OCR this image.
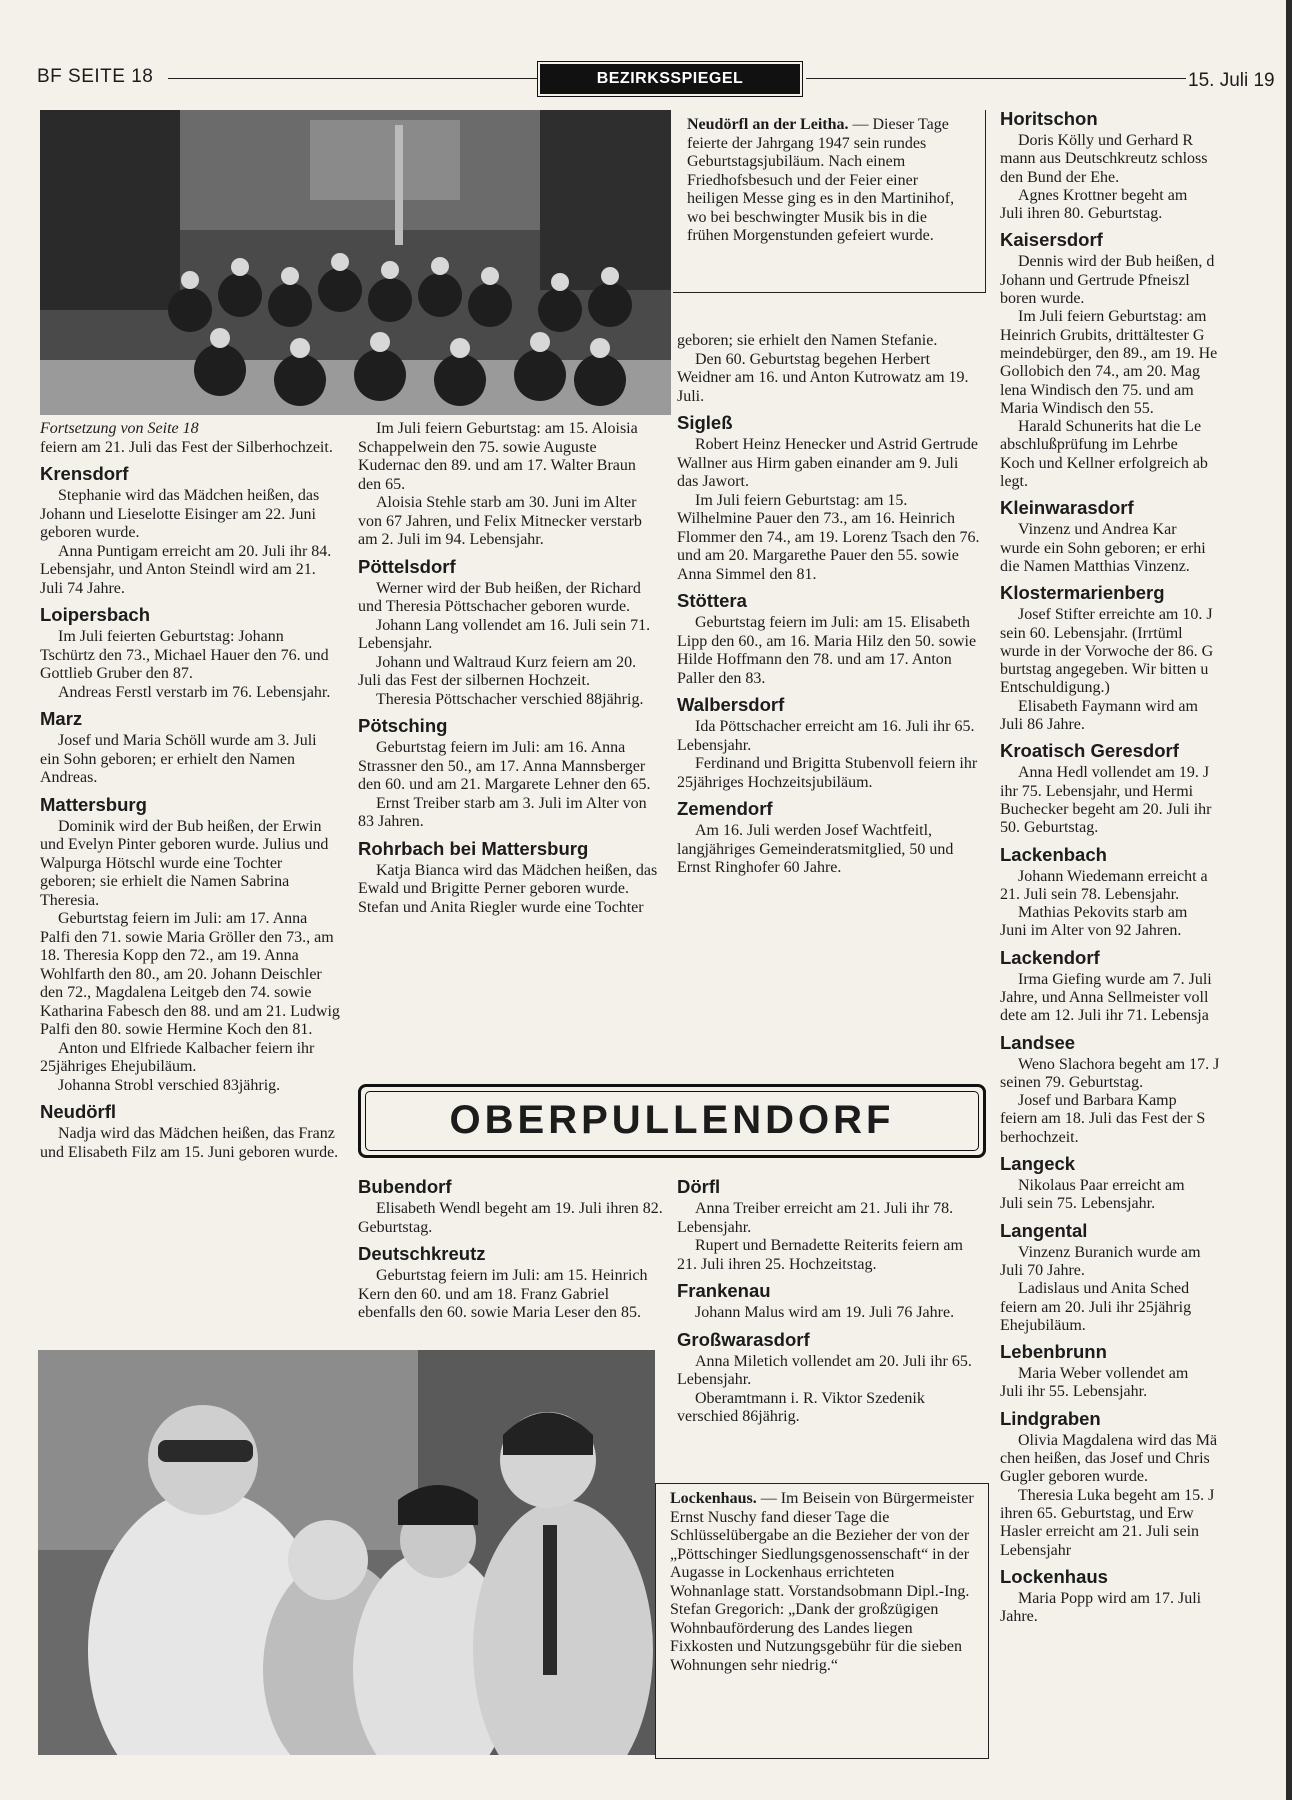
BF SEITE 18	BEZIRKSSPIEGEL	15. Juli 19

Neudörfl an der Leitha. — Dieser Tage feierte der Jahrgang 1947 sein rundes Geburtstagsjubiläum. Nach einem Friedhofsbesuch und der Feier einer heiligen Messe ging es in den Martinihof, wo bei beschwingter Musik bis in die frühen Morgenstunden gefeiert wurde.

Fortsetzung von Seite 18

feiern am 21. Juli das Fest der Silberhochzeit.

Krensdorf

Stephanie wird das Mädchen heißen, das Johann und Lieselotte Eisinger am 22. Juni geboren wurde.

Anna Puntigam erreicht am 20. Juli ihr 84. Lebensjahr, und Anton Steindl wird am 21. Juli 74 Jahre.

Loipersbach

Im Juli feierten Geburtstag: Johann Tschürtz den 73., Michael Hauer den 76. und Gottlieb Gruber den 87.

Andreas Ferstl verstarb im 76. Lebensjahr.

Marz

Josef und Maria Schöll wurde am 3. Juli ein Sohn geboren; er erhielt den Namen Andreas.

Mattersburg

Dominik wird der Bub heißen, der Erwin und Evelyn Pinter geboren wurde. Julius und Walpurga Hötschl wurde eine Tochter geboren; sie erhielt die Namen Sabrina Theresia.

Geburtstag feiern im Juli: am 17. Anna Palfi den 71. sowie Maria Gröller den 73., am 18. Theresia Kopp den 72., am 19. Anna Wohlfarth den 80., am 20. Johann Deischler den 72., Magdalena Leitgeb den 74. sowie Katharina Fabesch den 88. und am 21. Ludwig Palfi den 80. sowie Hermine Koch den 81.

Anton und Elfriede Kalbacher feiern ihr 25jähriges Ehejubiläum.

Johanna Strobl verschied 83jährig.

Neudörfl

Nadja wird das Mädchen heißen, das Franz und Elisabeth Filz am 15. Juni geboren wurde.

Im Juli feiern Geburtstag: am 15. Aloisia Schappelwein den 75. sowie Auguste Kudernac den 89. und am 17. Walter Braun den 65.

Aloisia Stehle starb am 30. Juni im Alter von 67 Jahren, und Felix Mitnecker verstarb am 2. Juli im 94. Lebensjahr.

Pöttelsdorf

Werner wird der Bub heißen, der Richard und Theresia Pöttschacher geboren wurde.

Johann Lang vollendet am 16. Juli sein 71. Lebensjahr.

Johann und Waltraud Kurz feiern am 20. Juli das Fest der silbernen Hochzeit.

Theresia Pöttschacher verschied 88jährig.

Pötsching

Geburtstag feiern im Juli: am 16. Anna Strassner den 50., am 17. Anna Mannsberger den 60. und am 21. Margarete Lehner den 65.

Ernst Treiber starb am 3. Juli im Alter von 83 Jahren.

Rohrbach bei Mattersburg

Katja Bianca wird das Mädchen heißen, das Ewald und Brigitte Perner geboren wurde. Stefan und Anita Riegler wurde eine Tochter

geboren; sie erhielt den Namen Stefanie.

Den 60. Geburtstag begehen Herbert Weidner am 16. und Anton Kutrowatz am 19. Juli.

Sigleß

Robert Heinz Henecker und Astrid Gertrude Wallner aus Hirm gaben einander am 9. Juli das Jawort.

Im Juli feiern Geburtstag: am 15. Wilhelmine Pauer den 73., am 16. Heinrich Flommer den 74., am 19. Lorenz Tsach den 76. und am 20. Margarethe Pauer den 55. sowie Anna Simmel den 81.

Stöttera

Geburtstag feiern im Juli: am 15. Elisabeth Lipp den 60., am 16. Maria Hilz den 50. sowie Hilde Hoffmann den 78. und am 17. Anton Paller den 83.

Walbersdorf

Ida Pöttschacher erreicht am 16. Juli ihr 65. Lebensjahr.

Ferdinand und Brigitta Stubenvoll feiern ihr 25jähriges Hochzeitsjubiläum.

Zemendorf

Am 16. Juli werden Josef Wachtfeitl, langjähriges Gemeinderatsmitglied, 50 und Ernst Ringhofer 60 Jahre.

OBERPULLENDORF
Bubendorf

Elisabeth Wendl begeht am 19. Juli ihren 82. Geburtstag.

Deutschkreutz

Geburtstag feiern im Juli: am 15. Heinrich Kern den 60. und am 18. Franz Gabriel ebenfalls den 60. sowie Maria Leser den 85.

Dörfl

Anna Treiber erreicht am 21. Juli ihr 78. Lebensjahr.

Rupert und Bernadette Reiterits feiern am 21. Juli ihren 25. Hochzeitstag.

Frankenau

Johann Malus wird am 19. Juli 76 Jahre.

Großwarasdorf

Anna Miletich vollendet am 20. Juli ihr 65. Lebensjahr.

Oberamtmann i. R. Viktor Szedenik verschied 86jährig.

Lockenhaus. — Im Beisein von Bürgermeister Ernst Nuschy fand dieser Tage die Schlüsselübergabe an die Bezieher der von der „Pöttschinger Siedlungsgenossenschaft“ in der Augasse in Lockenhaus errichteten Wohnanlage statt. Vorstandsobmann Dipl.-Ing. Stefan Gregorich: „Dank der großzügigen Wohnbauförderung des Landes liegen Fixkosten und Nutzungsgebühr für die sieben Wohnungen sehr niedrig.“

Horitschon

Doris Kölly und Gerhard R

mann aus Deutschkreutz schloss

den Bund der Ehe.

Agnes Krottner begeht am

Juli ihren 80. Geburtstag.

Kaisersdorf

Dennis wird der Bub heißen, d

Johann und Gertrude Pfneiszl

boren wurde.

Im Juli feiern Geburtstag: am

Heinrich Grubits, drittältester G

meindebürger, den 89., am 19. He

Gollobich den 74., am 20. Mag

lena Windisch den 75. und am

Maria Windisch den 55.

Harald Schunerits hat die Le

abschlußprüfung im Lehrbe

Koch und Kellner erfolgreich ab

legt.

Kleinwarasdorf

Vinzenz und Andrea Kar

wurde ein Sohn geboren; er erhi

die Namen Matthias Vinzenz.

Klostermarienberg

Josef Stifter erreichte am 10. J

sein 60. Lebensjahr. (Irrtüml

wurde in der Vorwoche der 86. G

burtstag angegeben. Wir bitten u

Entschuldigung.)

Elisabeth Faymann wird am

Juli 86 Jahre.

Kroatisch Geresdorf

Anna Hedl vollendet am 19. J

ihr 75. Lebensjahr, und Hermi

Buchecker begeht am 20. Juli ihr

50. Geburtstag.

Lackenbach

Johann Wiedemann erreicht a

21. Juli sein 78. Lebensjahr.

Mathias Pekovits starb am

Juni im Alter von 92 Jahren.

Lackendorf

Irma Giefing wurde am 7. Juli

Jahre, und Anna Sellmeister voll

dete am 12. Juli ihr 71. Lebensja

Landsee

Weno Slachora begeht am 17. J

seinen 79. Geburtstag.

Josef und Barbara Kamp

feiern am 18. Juli das Fest der S

berhochzeit.

Langeck

Nikolaus Paar erreicht am

Juli sein 75. Lebensjahr.

Langental

Vinzenz Buranich wurde am

Juli 70 Jahre.

Ladislaus und Anita Sched

feiern am 20. Juli ihr 25jährig

Ehejubiläum.

Lebenbrunn

Maria Weber vollendet am

Juli ihr 55. Lebensjahr.

Lindgraben

Olivia Magdalena wird das Mä

chen heißen, das Josef und Chris

Gugler geboren wurde.

Theresia Luka begeht am 15. J

ihren 65. Geburtstag, und Erw

Hasler erreicht am 21. Juli sein

Lebensjahr

Lockenhaus

Maria Popp wird am 17. Juli

Jahre.
